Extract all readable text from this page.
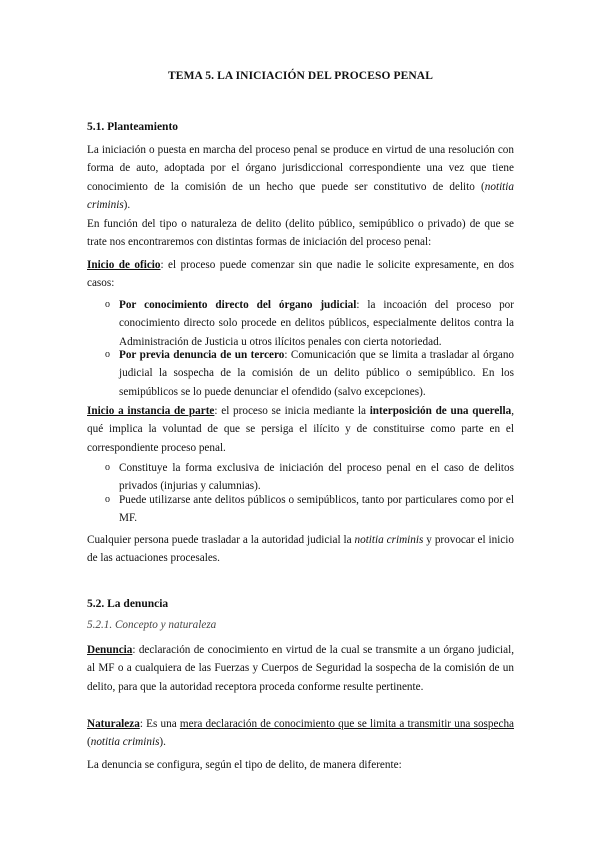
TEMA 5. LA INICIACIÓN DEL PROCESO PENAL
5.1. Planteamiento
La iniciación o puesta en marcha del proceso penal se produce en virtud de una resolución con forma de auto, adoptada por el órgano jurisdiccional correspondiente una vez que tiene conocimiento de la comisión de un hecho que puede ser constitutivo de delito (notitia criminis).
En función del tipo o naturaleza de delito (delito público, semipúblico o privado) de que se trate nos encontraremos con distintas formas de iniciación del proceso penal:
Inicio de oficio: el proceso puede comenzar sin que nadie le solicite expresamente, en dos casos:
o Por conocimiento directo del órgano judicial: la incoación del proceso por conocimiento directo solo procede en delitos públicos, especialmente delitos contra la Administración de Justicia u otros ilícitos penales con cierta notoriedad.
o Por previa denuncia de un tercero: Comunicación que se limita a trasladar al órgano judicial la sospecha de la comisión de un delito público o semipúblico. En los semipúblicos se lo puede denunciar el ofendido (salvo excepciones).
Inicio a instancia de parte: el proceso se inicia mediante la interposición de una querella, qué implica la voluntad de que se persiga el ilícito y de constituirse como parte en el correspondiente proceso penal.
o Constituye la forma exclusiva de iniciación del proceso penal en el caso de delitos privados (injurias y calumnias).
o Puede utilizarse ante delitos públicos o semipúblicos, tanto por particulares como por el MF.
Cualquier persona puede trasladar a la autoridad judicial la notitia criminis y provocar el inicio de las actuaciones procesales.
5.2. La denuncia
5.2.1. Concepto y naturaleza
Denuncia: declaración de conocimiento en virtud de la cual se transmite a un órgano judicial, al MF o a cualquiera de las Fuerzas y Cuerpos de Seguridad la sospecha de la comisión de un delito, para que la autoridad receptora proceda conforme resulte pertinente.
Naturaleza: Es una mera declaración de conocimiento que se limita a transmitir una sospecha (notitia criminis).
La denuncia se configura, según el tipo de delito, de manera diferente:
